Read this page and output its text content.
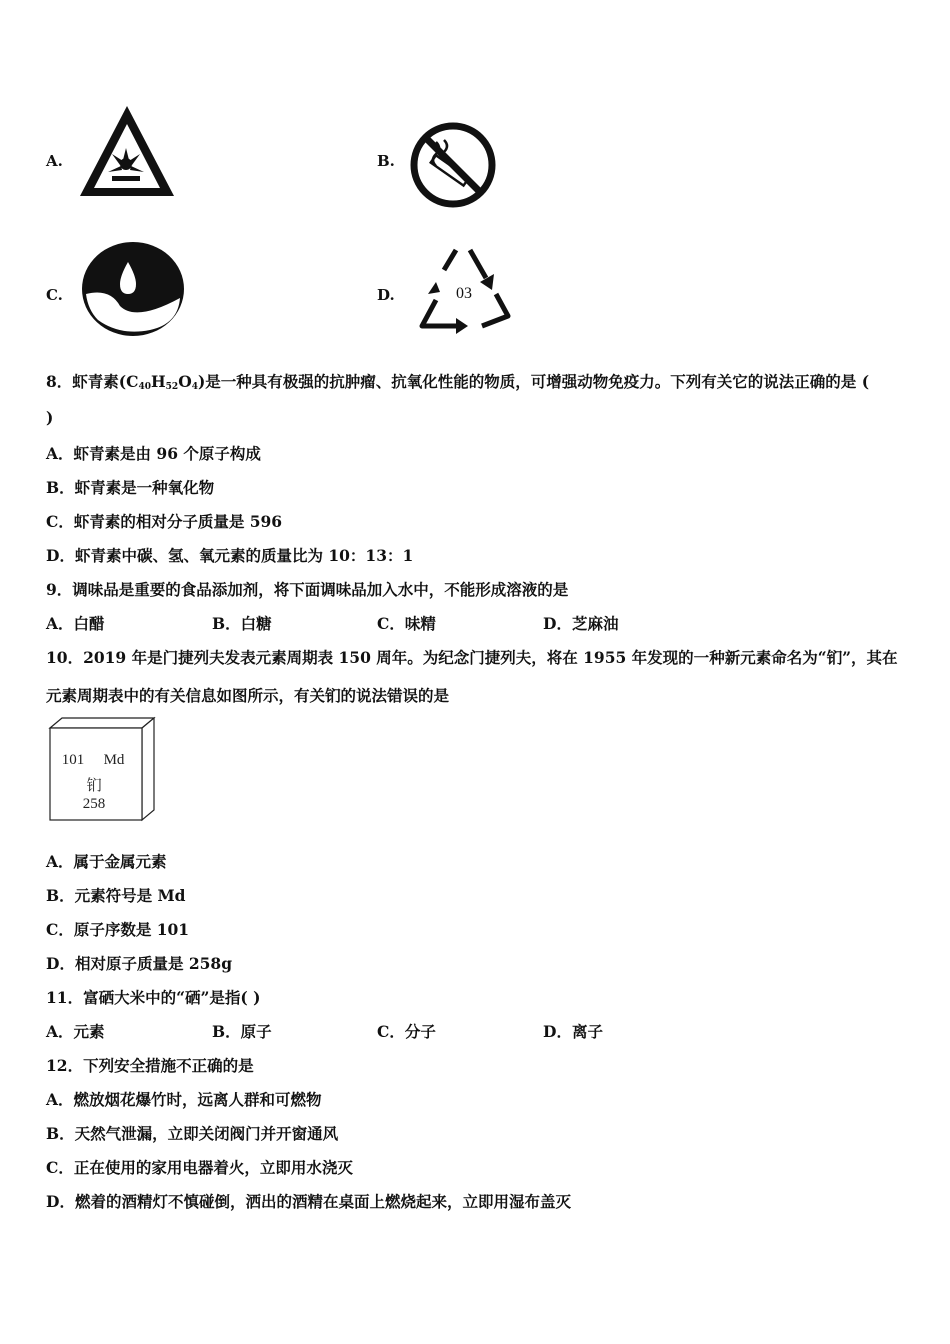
A.	B.
C.	D.	03
8．虾青素$(C_{40}H_{52}O_4)$是一种具有极强的抗肿瘤、抗氧化性能的物质，可增强动物免疫力。下列有关它的说法正确的是 (
)
A．虾青素是由 96 个原子构成
B．虾青素是一种氧化物
C．虾青素的相对分子质量是 596
D．虾青素中碳、氢、氧元素的质量比为 10：13：1
9．调味品是重要的食品添加剂，将下面调味品加入水中，不能形成溶液的是
A．白醋	B．白糖	C．味精	D．芝麻油
10．2019 年是门捷列夫发表元素周期表 150 周年。为纪念门捷列夫，将在 1955 年发现的一种新元素命名为“钔”，其在
元素周期表中的有关信息如图所示，有关钔的说法错误的是
101	Md
钔
258
A．属于金属元素
B．元素符号是 Md
C．原子序数是 101
D．相对原子质量是 258g
11．富硒大米中的“硒”是指( )
A．元素	B．原子	C．分子	D．离子
12．下列安全措施不正确的是
A．燃放烟花爆竹时，远离人群和可燃物
B．天然气泄漏，立即关闭阀门并开窗通风
C．正在使用的家用电器着火，立即用水浇灭
D．燃着的酒精灯不慎碰倒，洒出的酒精在桌面上燃烧起来，立即用湿布盖灭
